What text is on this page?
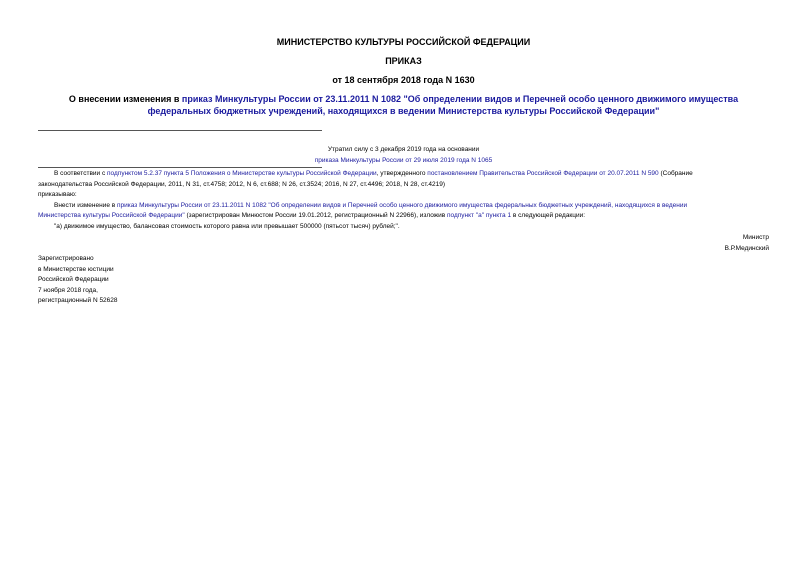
МИНИСТЕРСТВО КУЛЬТУРЫ РОССИЙСКОЙ ФЕДЕРАЦИИ
ПРИКАЗ
от 18 сентября 2018 года N 1630
О внесении изменения в приказ Минкультуры России от 23.11.2011 N 1082 "Об определении видов и Перечней особо ценного движимого имущества федеральных бюджетных учреждений, находящихся в ведении Министерства культуры Российской Федерации"
Утратил силу с 3 декабря 2019 года на основании
приказа Минкультуры России от 29 июля 2019 года N 1065
В соответствии с подпунктом 5.2.37 пункта 5 Положения о Министерстве культуры Российской Федерации, утвержденного постановлением Правительства Российской Федерации от 20.07.2011 N 590 (Собрание
законодательства Российской Федерации, 2011, N 31, ст.4758; 2012, N 6, ст.688; N 26, ст.3524; 2016, N 27, ст.4496; 2018, N 28, ст.4219)
приказываю:
Внести изменение в приказ Минкультуры России от 23.11.2011 N 1082 "Об определении видов и Перечней особо ценного движимого имущества федеральных бюджетных учреждений, находящихся в ведении
Министерства культуры Российской Федерации" (зарегистрирован Минюстом России 19.01.2012, регистрационный N 22966), изложив подпункт "а" пункта 1 в следующей редакции:
"а) движимое имущество, балансовая стоимость которого равна или превышает 500000 (пятьсот тысяч) рублей;".
Министр
В.Р.Мединский
Зарегистрировано
в Министерстве юстиции
Российской Федерации
7 ноября 2018 года,
регистрационный N 52628
